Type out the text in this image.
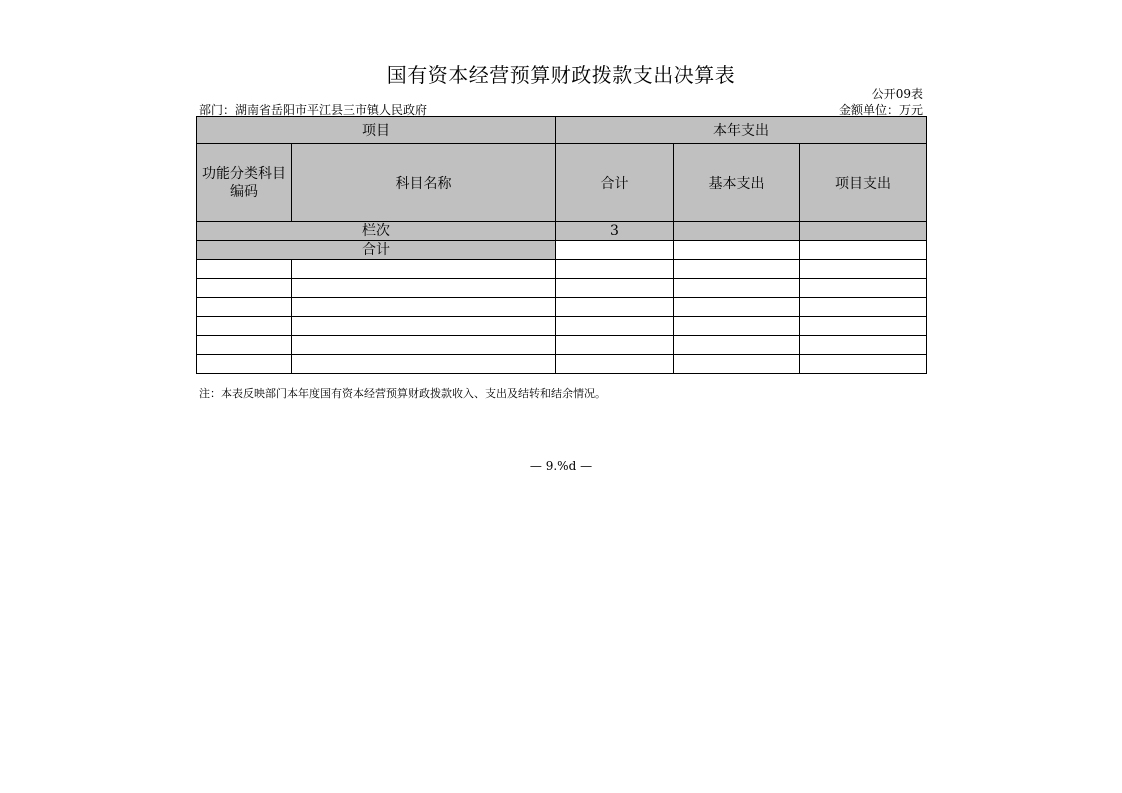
国有资本经营预算财政拨款支出决算表
公开09表
部门：湖南省岳阳市平江县三市镇人民政府	金额单位：万元
项目		本年支出		
功能分类科目编码	科目名称	合计	基本支出	项目支出
栏次		3		
合计				

注：本表反映部门本年度国有资本经营预算财政拨款收入、支出及结转和结余情况。
— 9.%d —
